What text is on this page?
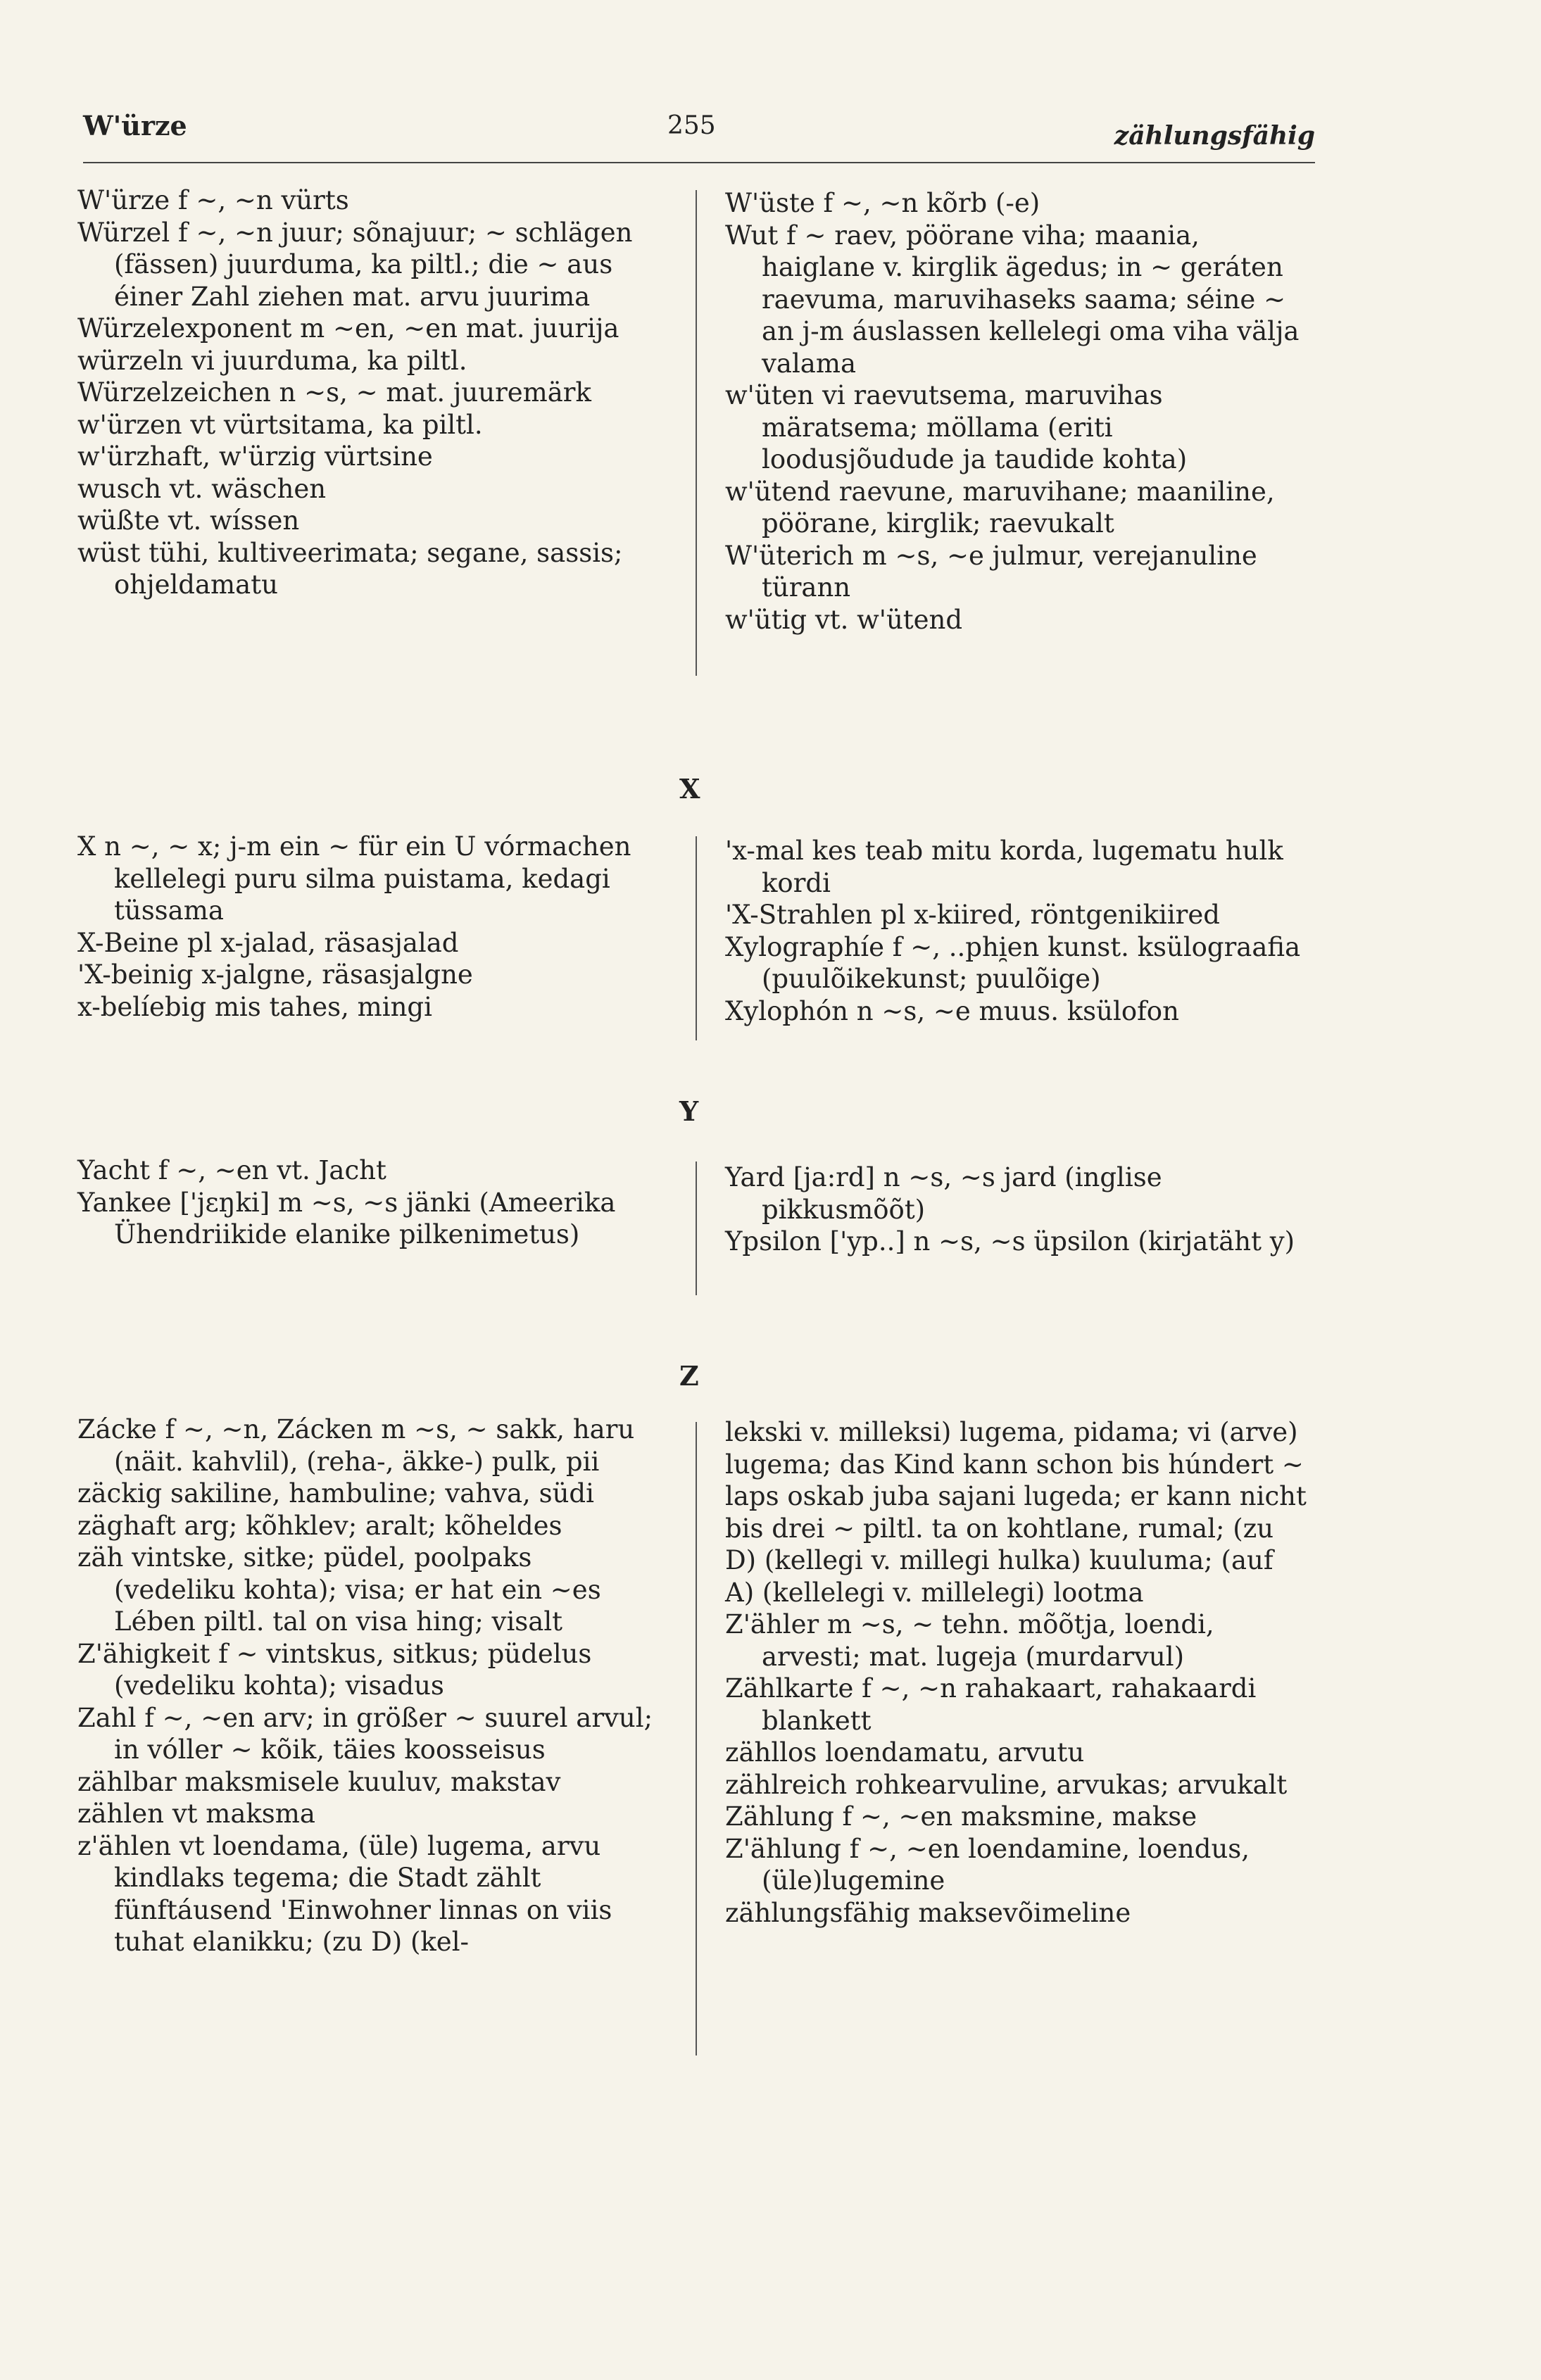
W'ürze	255	zählungsfähig

W'ürze f ~, ~n vürts

Würzel f ~, ~n juur; sõnajuur; ~ schlägen (fässen) juurduma, ka piltl.; die ~ aus éiner Zahl ziehen mat. arvu juurima

Würzelexponent m ~en, ~en mat. juurija

würzeln vi juurduma, ka piltl.

Würzelzeichen n ~s, ~ mat. juuremärk

w'ürzen vt vürtsitama, ka piltl.

w'ürzhaft, w'ürzig vürtsine

wusch vt. wäschen

wüßte vt. wíssen

wüst tühi, kultiveerimata; segane, sassis; ohjeldamatu

W'üste f ~, ~n kõrb (-e)

Wut f ~ raev, pöörane viha; maania, haiglane v. kirglik ägedus; in ~ geráten raevuma, maruvihaseks saama; séine ~ an j-m áuslassen kellelegi oma viha välja valama

w'üten vi raevutsema, maruvihas märatsema; möllama (eriti loodusjõudude ja taudide kohta)

w'ütend raevune, maruvihane; maaniline, pöörane, kirglik; raevukalt

W'üterich m ~s, ~e julmur, verejanuline türann

w'ütig vt. w'ütend

X

X n ~, ~ x; j-m ein ~ für ein U vórmachen kellelegi puru silma puistama, kedagi tüssama

X-Beine pl x-jalad, räsasjalad

'X-beinig x-jalgne, räsasjalgne

x-belíebig mis tahes, mingi

'x-mal kes teab mitu korda, lugematu hulk kordi

'X-Strahlen pl x-kiired, röntgenikiired

Xylographíe f ~, ..phi̯en kunst. ksülograafia (puulõikekunst; puulõige)

Xylophón n ~s, ~e muus. ksülofon

Y

Yacht f ~, ~en vt. Jacht

Yankee ['jɛŋki] m ~s, ~s jänki (Ameerika Ühendriikide elanike pilkenimetus)

Yard [ja:rd] n ~s, ~s jard (inglise pikkusmõõt)

Ypsilon ['yp..] n ~s, ~s üpsilon (kirjatäht y)

Z

Zácke f ~, ~n, Zácken m ~s, ~ sakk, haru (näit. kahvlil), (reha-, äkke-) pulk, pii

zäckig sakiline, hambuline; vahva, südi

zäghaft arg; kõhklev; aralt; kõheldes

zäh vintske, sitke; püdel, poolpaks (vedeliku kohta); visa; er hat ein ~es Lében piltl. tal on visa hing; visalt

Z'ähigkeit f ~ vintskus, sitkus; püdelus (vedeliku kohta); visadus

Zahl f ~, ~en arv; in größer ~ suurel arvul; in vóller ~ kõik, täies koosseisus

zählbar maksmisele kuuluv, makstav

zählen vt maksma

z'ählen vt loendama, (üle) lugema, arvu kindlaks tegema; die Stadt zählt fünftáusend 'Einwohner linnas on viis tuhat elanikku; (zu D) (kel-

lekski v. milleksi) lugema, pidama; vi (arve) lugema; das Kind kann schon bis húndert ~ laps oskab juba sajani lugeda; er kann nicht bis drei ~ piltl. ta on kohtlane, rumal; (zu D) (kellegi v. millegi hulka) kuuluma; (auf A) (kellelegi v. millelegi) lootma

Z'ähler m ~s, ~ tehn. mõõtja, loendi, arvesti; mat. lugeja (murdarvul)

Zählkarte f ~, ~n rahakaart, rahakaardi blankett

zähllos loendamatu, arvutu

zählreich rohkearvuline, arvukas; arvukalt

Zählung f ~, ~en maksmine, makse

Z'ählung f ~, ~en loendamine, loendus, (üle)lugemine

zählungsfähig maksevõimeline
